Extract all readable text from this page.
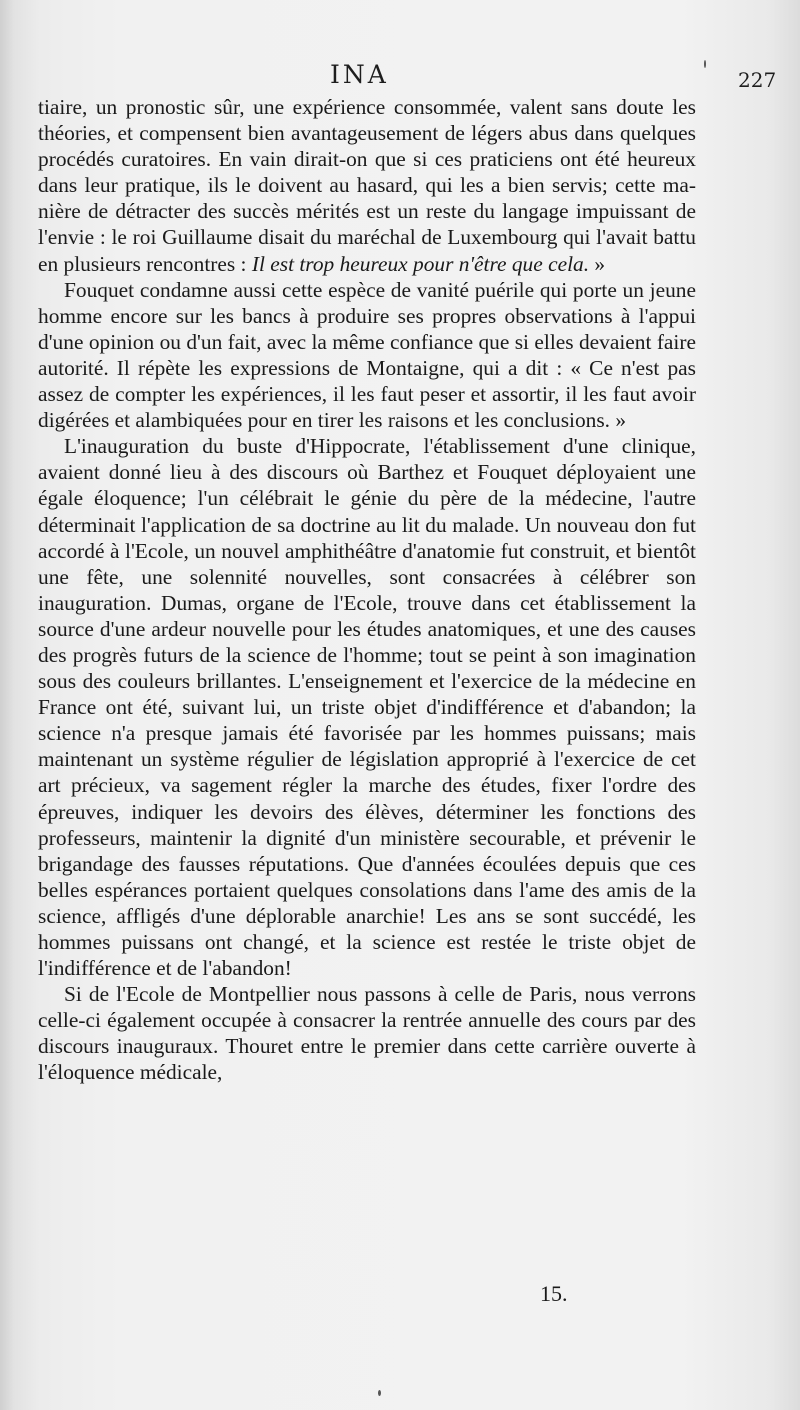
INA	227

tiaire, un pronostic sûr, une expérience consommée, valent sans doute les théories, et compensent bien avantageusement de légers abus dans quelques procédés curatoires. En vain dirait-on que si ces praticiens ont été heureux dans leur pratique, ils le doivent au hasard, qui les a bien servis; cette manière de détracter des succès mérités est un reste du langage impuissant de l'envie : le roi Guillaume disait du maréchal de Luxembourg qui l'avait battu en plusieurs rencontres : Il est trop heureux pour n'être que cela. »

Fouquet condamne aussi cette espèce de vanité puérile qui porte un jeune homme encore sur les bancs à produire ses propres observations à l'appui d'une opinion ou d'un fait, avec la même confiance que si elles devaient faire autorité. Il répète les expressions de Montaigne, qui a dit : « Ce n'est pas assez de compter les expériences, il les faut peser et assortir, il les faut avoir digérées et alambiquées pour en tirer les raisons et les conclusions. »

L'inauguration du buste d'Hippocrate, l'établissement d'une clinique, avaient donné lieu à des discours où Barthez et Fouquet déployaient une égale éloquence; l'un célébrait le génie du père de la médecine, l'autre déterminait l'application de sa doctrine au lit du malade. Un nouveau don fut accordé à l'Ecole, un nouvel amphithéâtre d'anatomie fut construit, et bientôt une fête, une solennité nouvelles, sont consacrées à célébrer son inauguration. Dumas, organe de l'Ecole, trouve dans cet établissement la source d'une ardeur nouvelle pour les études anatomiques, et une des causes des progrès futurs de la science de l'homme; tout se peint à son imagination sous des couleurs brillantes. L'enseignement et l'exercice de la médecine en France ont été, suivant lui, un triste objet d'indifférence et d'abandon; la science n'a presque jamais été favorisée par les hommes puissans; mais maintenant un système régulier de législation approprié à l'exercice de cet art précieux, va sagement régler la marche des études, fixer l'ordre des épreuves, indiquer les devoirs des élèves, déterminer les fonctions des professeurs, maintenir la dignité d'un ministère secourable, et prévenir le brigandage des fausses réputations. Que d'années écoulées depuis que ces belles espérances portaient quelques consolations dans l'ame des amis de la science, affligés d'une déplorable anarchie! Les ans se sont succédé, les hommes puissans ont changé, et la science est restée le triste objet de l'indifférence et de l'abandon!

Si de l'Ecole de Montpellier nous passons à celle de Paris, nous verrons celle-ci également occupée à consacrer la rentrée annuelle des cours par des discours inauguraux. Thouret entre le premier dans cette carrière ouverte à l'éloquence médicale,

15.
